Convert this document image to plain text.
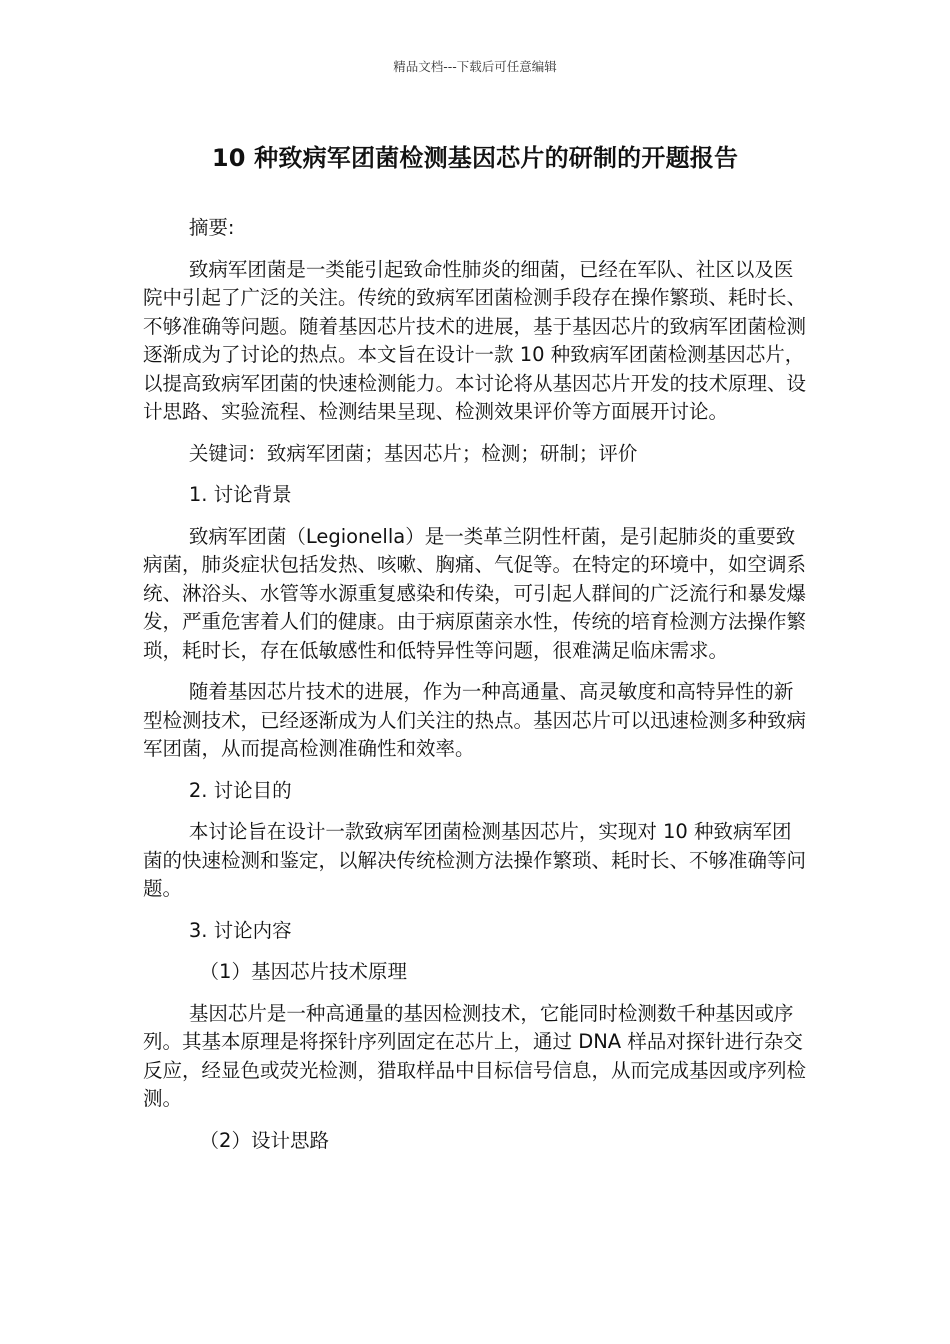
精品文档---下载后可任意编辑
10 种致病军团菌检测基因芯片的研制的开题报告

摘要:

致病军团菌是一类能引起致命性肺炎的细菌，已经在军队、社区以及医院中引起了广泛的关注。传统的致病军团菌检测手段存在操作繁琐、耗时长、不够准确等问题。随着基因芯片技术的进展，基于基因芯片的致病军团菌检测逐渐成为了讨论的热点。本文旨在设计一款 10 种致病军团菌检测基因芯片，以提高致病军团菌的快速检测能力。本讨论将从基因芯片开发的技术原理、设计思路、实验流程、检测结果呈现、检测效果评价等方面展开讨论。

关键词：致病军团菌；基因芯片；检测；研制；评价

1. 讨论背景

致病军团菌（Legionella）是一类革兰阴性杆菌，是引起肺炎的重要致病菌，肺炎症状包括发热、咳嗽、胸痛、气促等。在特定的环境中，如空调系统、淋浴头、水管等水源重复感染和传染，可引起人群间的广泛流行和暴发爆发，严重危害着人们的健康。由于病原菌亲水性，传统的培育检测方法操作繁琐，耗时长，存在低敏感性和低特异性等问题，很难满足临床需求。

随着基因芯片技术的进展，作为一种高通量、高灵敏度和高特异性的新型检测技术，已经逐渐成为人们关注的热点。基因芯片可以迅速检测多种致病军团菌，从而提高检测准确性和效率。

2. 讨论目的

本讨论旨在设计一款致病军团菌检测基因芯片，实现对 10 种致病军团菌的快速检测和鉴定，以解决传统检测方法操作繁琐、耗时长、不够准确等问题。

3. 讨论内容

（1）基因芯片技术原理

基因芯片是一种高通量的基因检测技术，它能同时检测数千种基因或序列。其基本原理是将探针序列固定在芯片上，通过 DNA 样品对探针进行杂交反应，经显色或荧光检测，猎取样品中目标信号信息，从而完成基因或序列检测。

（2）设计思路
